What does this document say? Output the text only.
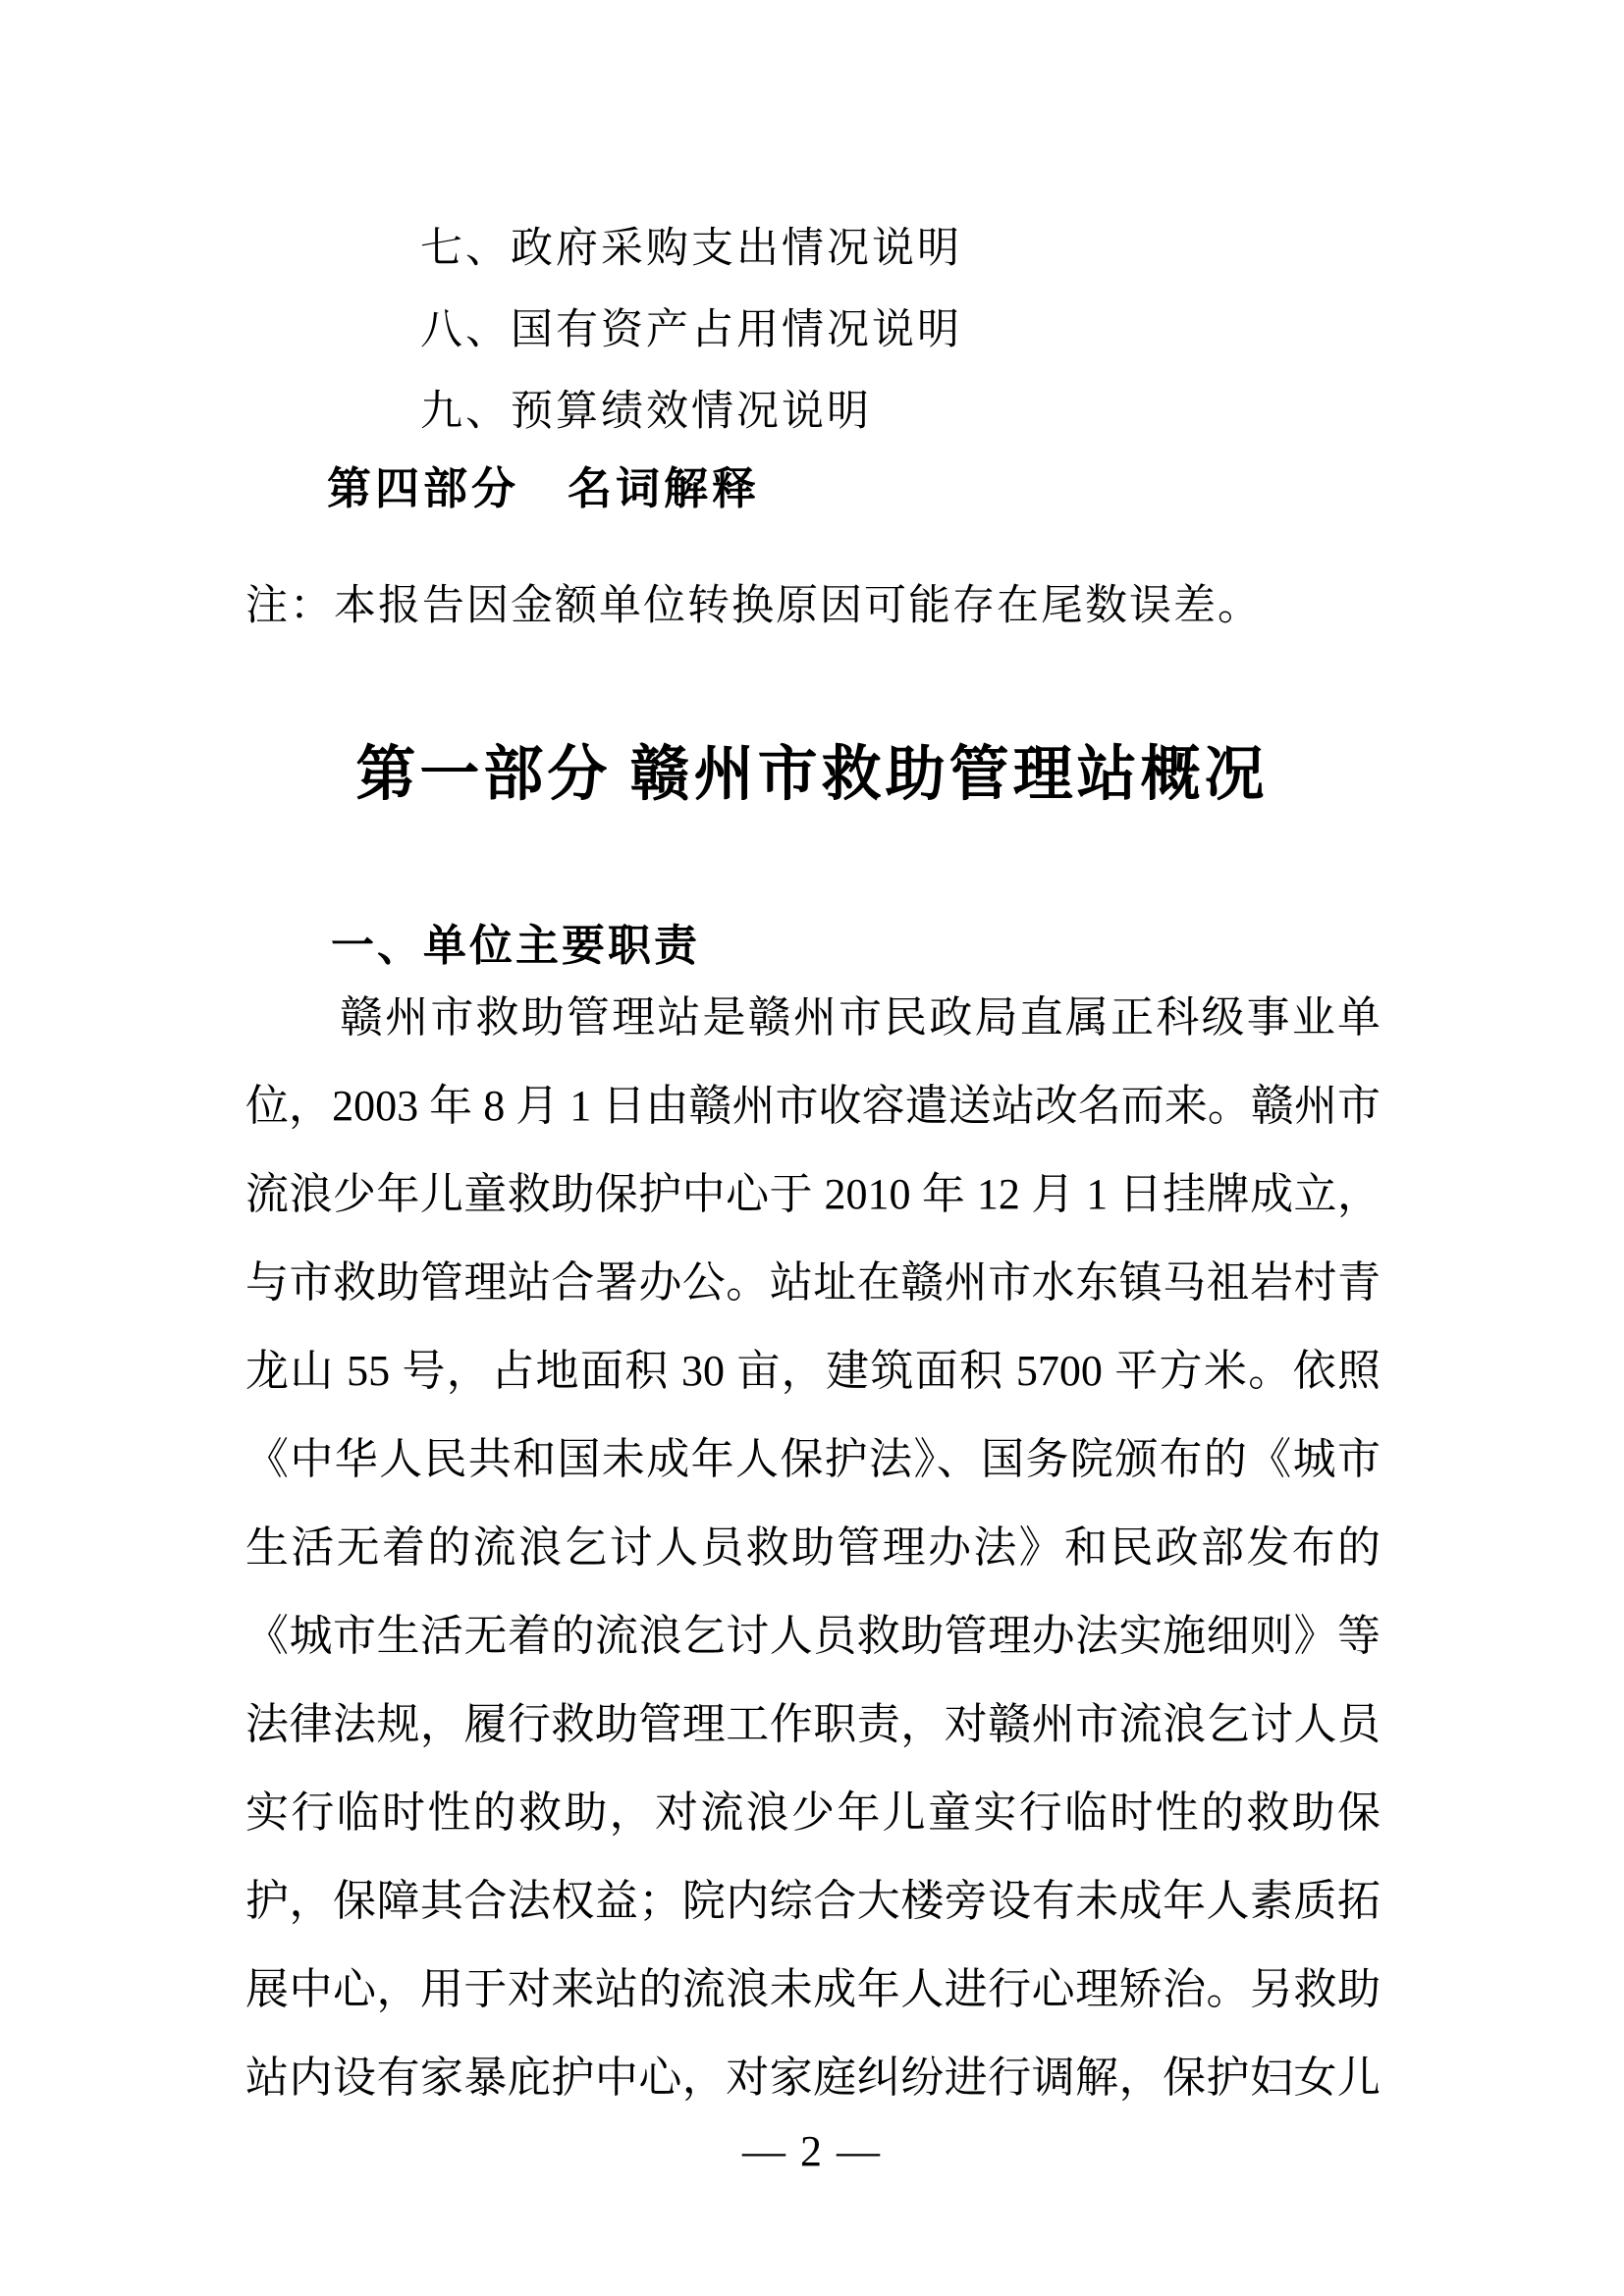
七、政府采购支出情况说明
八、国有资产占用情况说明
九、预算绩效情况说明
第四部分　名词解释
注：本报告因金额单位转换原因可能存在尾数误差。
第一部分 赣州市救助管理站概况
一、单位主要职责
赣州市救助管理站是赣州市民政局直属正科级事业单
位，2003 年 8 月 1 日由赣州市收容遣送站改名而来。赣州市
流浪少年儿童救助保护中心于 2010 年 12 月 1 日挂牌成立，
与市救助管理站合署办公。站址在赣州市水东镇马祖岩村青
龙山 55 号，占地面积 30 亩，建筑面积 5700 平方米。依照
《中华人民共和国未成年人保护法》、国务院颁布的《城市
生活无着的流浪乞讨人员救助管理办法》和民政部发布的
《城市生活无着的流浪乞讨人员救助管理办法实施细则》等
法律法规，履行救助管理工作职责，对赣州市流浪乞讨人员
实行临时性的救助，对流浪少年儿童实行临时性的救助保
护，保障其合法权益；院内综合大楼旁设有未成年人素质拓
展中心，用于对来站的流浪未成年人进行心理矫治。另救助
站内设有家暴庇护中心，对家庭纠纷进行调解，保护妇女儿
— 2 —
